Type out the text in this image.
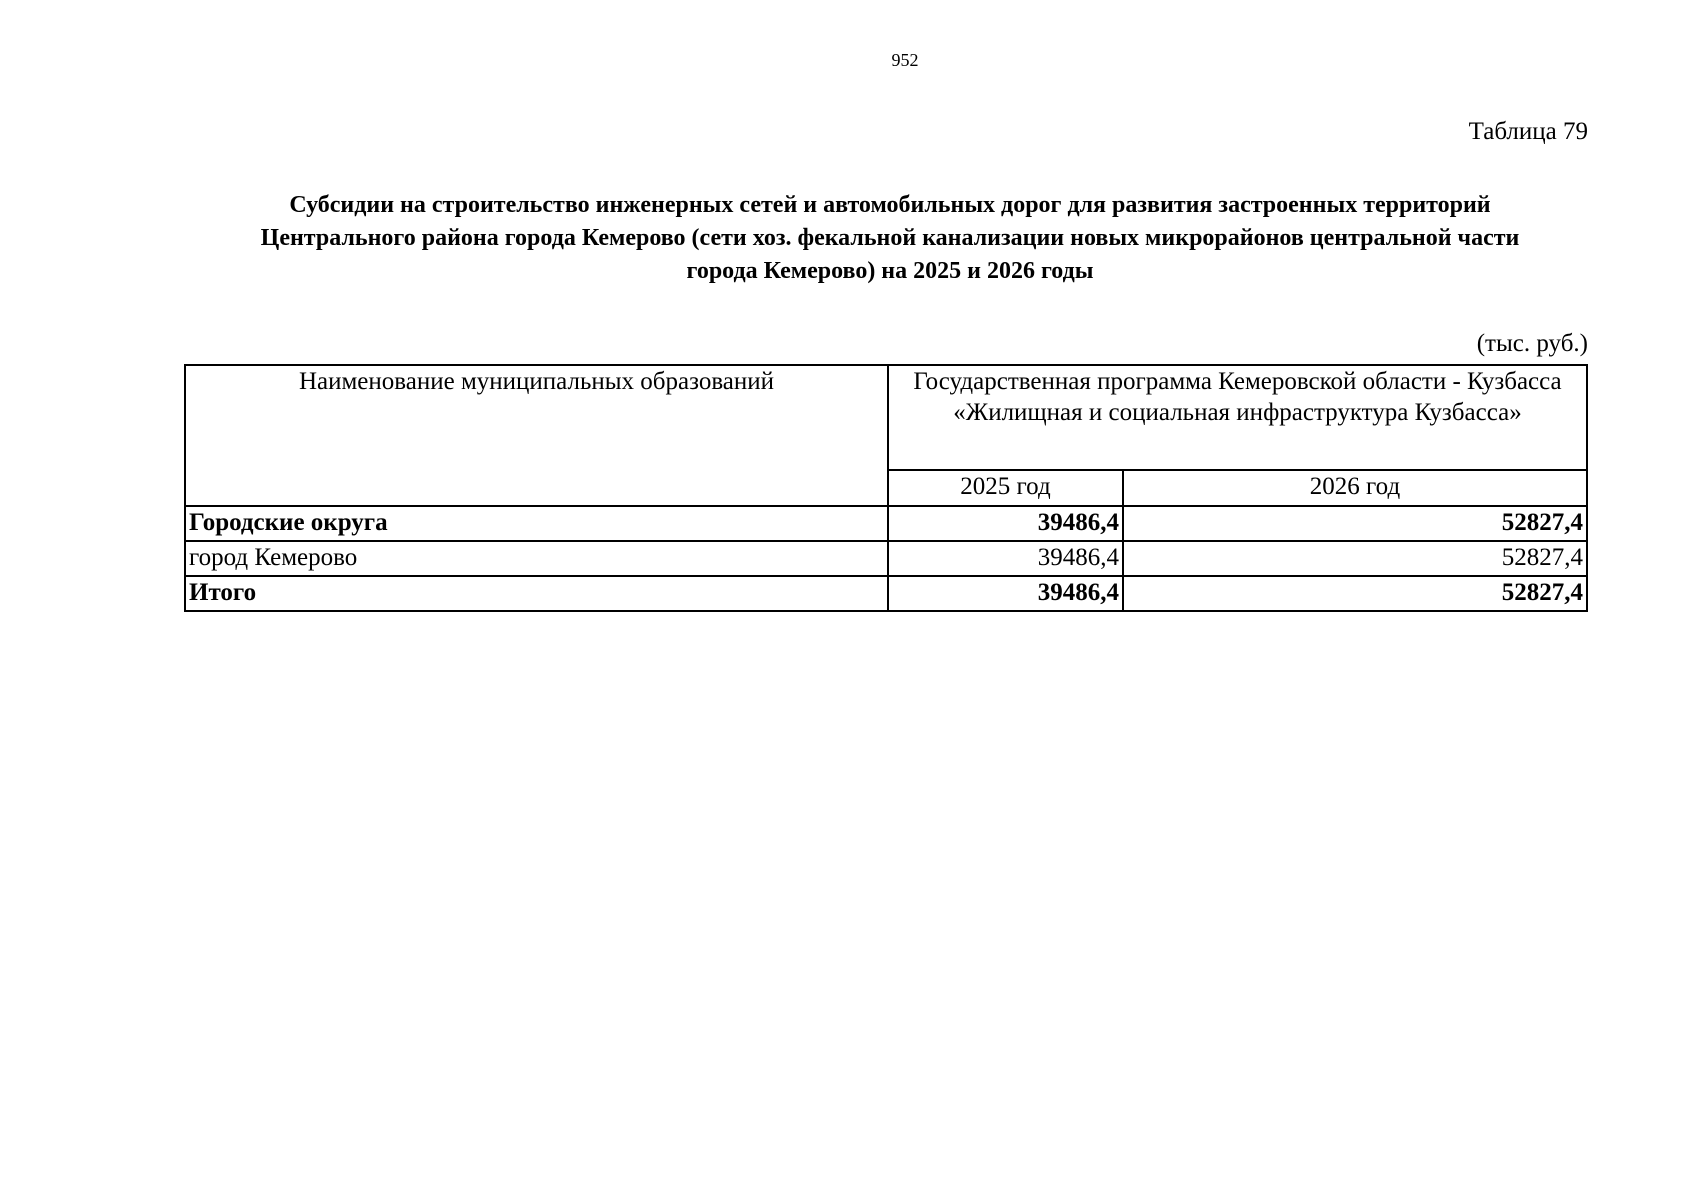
952
Таблица 79
Субсидии на строительство инженерных сетей и автомобильных дорог для развития застроенных территорий
Центрального района города Кемерово (сети хоз. фекальной канализации новых микрорайонов центральной части
города Кемерово) на 2025 и 2026 годы
(тыс. руб.)
Наименование муниципальных образований	Государственная программа Кемеровской области - Кузбасса
«Жилищная и социальная инфраструктура Кузбасса»	

	2025 год	2026 год
Городские округа	39486,4	52827,4
город Кемерово	39486,4	52827,4
Итого	39486,4	52827,4
